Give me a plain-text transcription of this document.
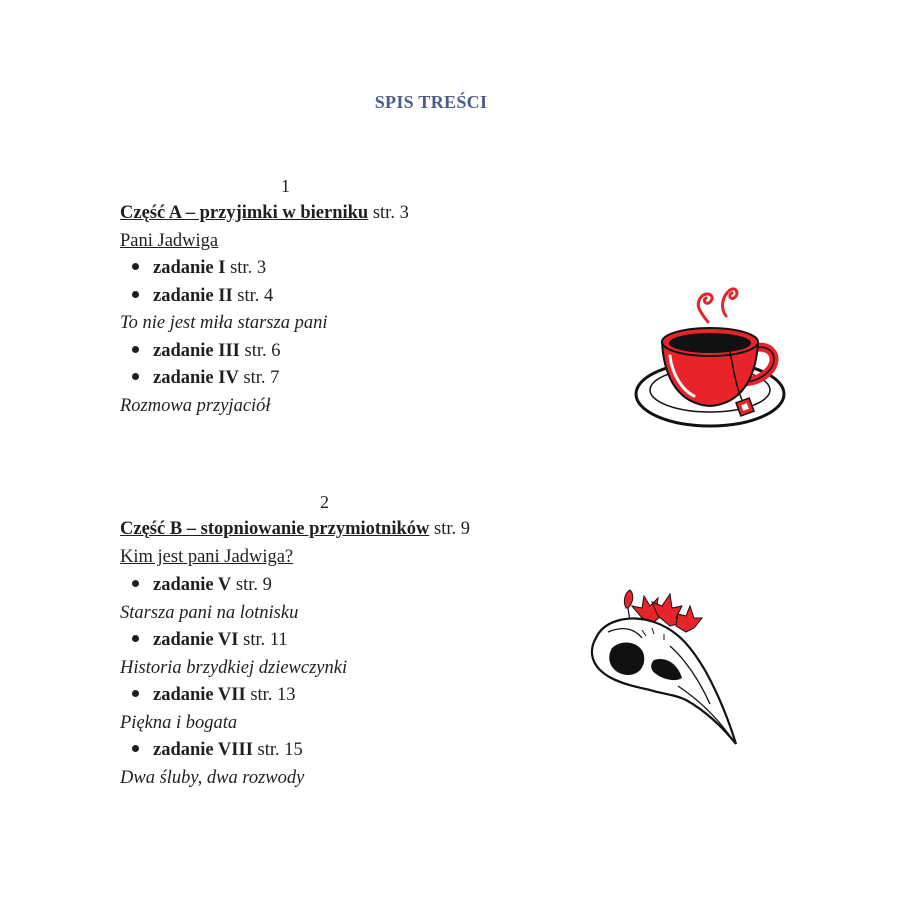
SPIS TREŚCI
1
Część A – przyjimki w bierniku str. 3
Pani Jadwiga
zadanie I str. 3
zadanie II str. 4
To nie jest miła starsza pani
zadanie III str. 6
zadanie IV str. 7
Rozmowa przyjaciół
2
Część B – stopniowanie przymiotników str. 9
Kim jest pani Jadwiga?
zadanie V str. 9
Starsza pani na lotnisku
zadanie VI str. 11
Historia brzydkiej dziewczynki
zadanie VII str. 13
Piękna i bogata
zadanie VIII str. 15
Dwa śluby, dwa rozwody
